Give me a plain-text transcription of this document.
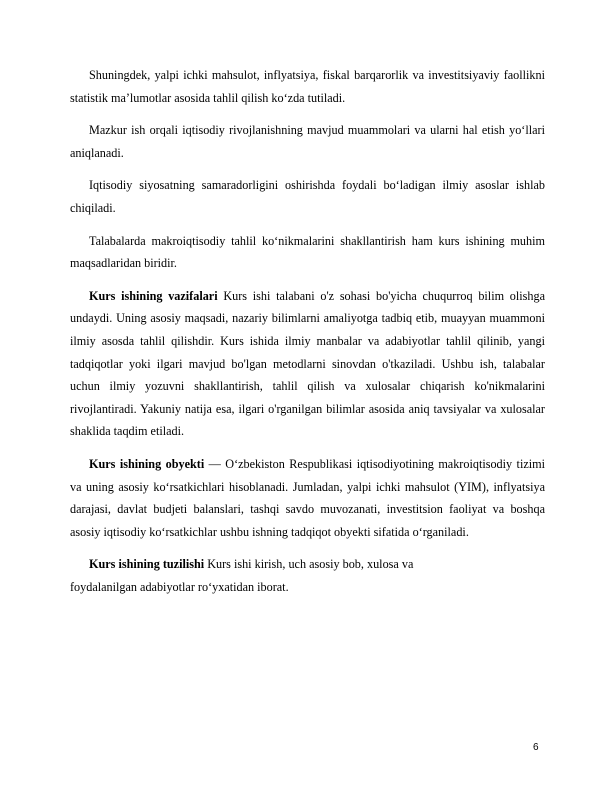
Shuningdek, yalpi ichki mahsulot, inflyatsiya, fiskal barqarorlik va investitsiyaviy faollikni statistik ma’lumotlar asosida tahlil qilish ko‘zda tutiladi.

Mazkur ish orqali iqtisodiy rivojlanishning mavjud muammolari va ularni hal etish yo‘llari aniqlanadi.

Iqtisodiy siyosatning samaradorligini oshirishda foydali bo‘ladigan ilmiy asoslar ishlab chiqiladi.

Talabalarda makroiqtisodiy tahlil ko‘nikmalarini shakllantirish ham kurs ishining muhim maqsadlaridan biridir.

Kurs ishining vazifalari Kurs ishi talabani o'z sohasi bo'yicha chuqurroq bilim olishga undaydi. Uning asosiy maqsadi, nazariy bilimlarni amaliyotga tadbiq etib, muayyan muammoni ilmiy asosda tahlil qilishdir. Kurs ishida ilmiy manbalar va adabiyotlar tahlil qilinib, yangi tadqiqotlar yoki ilgari mavjud bo'lgan metodlarni sinovdan o'tkaziladi. Ushbu ish, talabalar uchun ilmiy yozuvni shakllantirish, tahlil qilish va xulosalar chiqarish ko'nikmalarini rivojlantiradi. Yakuniy natija esa, ilgari o'rganilgan bilimlar asosida aniq tavsiyalar va xulosalar shaklida taqdim etiladi.

Kurs ishining obyekti — O‘zbekiston Respublikasi iqtisodiyotining makroiqtisodiy tizimi va uning asosiy ko‘rsatkichlari hisoblanadi. Jumladan, yalpi ichki mahsulot (YIM), inflyatsiya darajasi, davlat budjeti balanslari, tashqi savdo muvozanati, investitsion faoliyat va boshqa asosiy iqtisodiy ko‘rsatkichlar ushbu ishning tadqiqot obyekti sifatida o‘rganiladi.

Kurs ishining tuzilishi Kurs ishi kirish, uch asosiy bob, xulosa va
foydalanilgan adabiyotlar ro‘yxatidan iborat.

6
